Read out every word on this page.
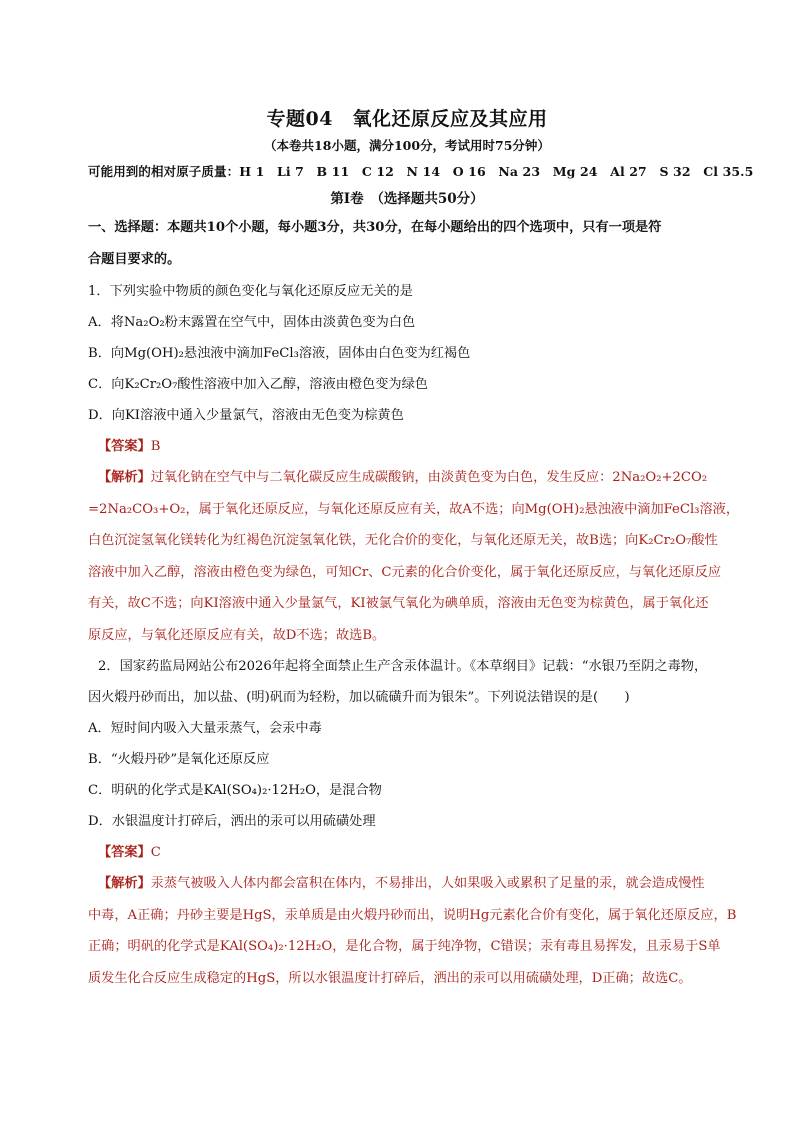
专题04　氧化还原反应及其应用
（本卷共18小题，满分100分，考试用时75分钟）
可能用到的相对原子质量：H 1　Li 7　B 11　C 12　N 14　O 16　Na 23　Mg 24　Al 27　S 32　Cl 35.5
第Ⅰ卷　（选择题共50分）
一、选择题：本题共10个小题，每小题3分，共30分，在每小题给出的四个选项中，只有一项是符
合题目要求的。
1．下列实验中物质的颜色变化与氧化还原反应无关的是
A．将Na₂O₂粉末露置在空气中，固体由淡黄色变为白色
B．向Mg(OH)₂悬浊液中滴加FeCl₃溶液，固体由白色变为红褐色
C．向K₂Cr₂O₇酸性溶液中加入乙醇，溶液由橙色变为绿色
D．向KI溶液中通入少量氯气，溶液由无色变为棕黄色
【答案】B
【解析】过氧化钠在空气中与二氧化碳反应生成碳酸钠，由淡黄色变为白色，发生反应：2Na₂O₂+2CO₂
=2Na₂CO₃+O₂，属于氧化还原反应，与氧化还原反应有关，故A不选；向Mg(OH)₂悬浊液中滴加FeCl₃溶液，
白色沉淀氢氧化镁转化为红褐色沉淀氢氧化铁，无化合价的变化，与氧化还原无关，故B选；向K₂Cr₂O₇酸性
溶液中加入乙醇，溶液由橙色变为绿色，可知Cr、C元素的化合价变化，属于氧化还原反应，与氧化还原反应
有关，故C不选；向KI溶液中通入少量氯气，KI被氯气氧化为碘单质，溶液由无色变为棕黄色，属于氧化还
原反应，与氧化还原反应有关，故D不选；故选B。
2．国家药监局网站公布2026年起将全面禁止生产含汞体温计。《本草纲目》记载：“水银乃至阴之毒物，
因火煅丹砂而出，加以盐、(明)矾而为轻粉，加以硫磺升而为银朱”。下列说法错误的是(　　)
A．短时间内吸入大量汞蒸气，会汞中毒
B．“火煅丹砂”是氧化还原反应
C．明矾的化学式是KAl(SO₄)₂·12H₂O，是混合物
D．水银温度计打碎后，洒出的汞可以用硫磺处理
【答案】C
【解析】汞蒸气被吸入人体内都会富积在体内，不易排出，人如果吸入或累积了足量的汞，就会造成慢性
中毒，A正确；丹砂主要是HgS，汞单质是由火煅丹砂而出，说明Hg元素化合价有变化，属于氧化还原反应，B
正确；明矾的化学式是KAl(SO₄)₂·12H₂O，是化合物，属于纯净物，C错误；汞有毒且易挥发，且汞易于S单
质发生化合反应生成稳定的HgS，所以水银温度计打碎后，洒出的汞可以用硫磺处理，D正确；故选C。
